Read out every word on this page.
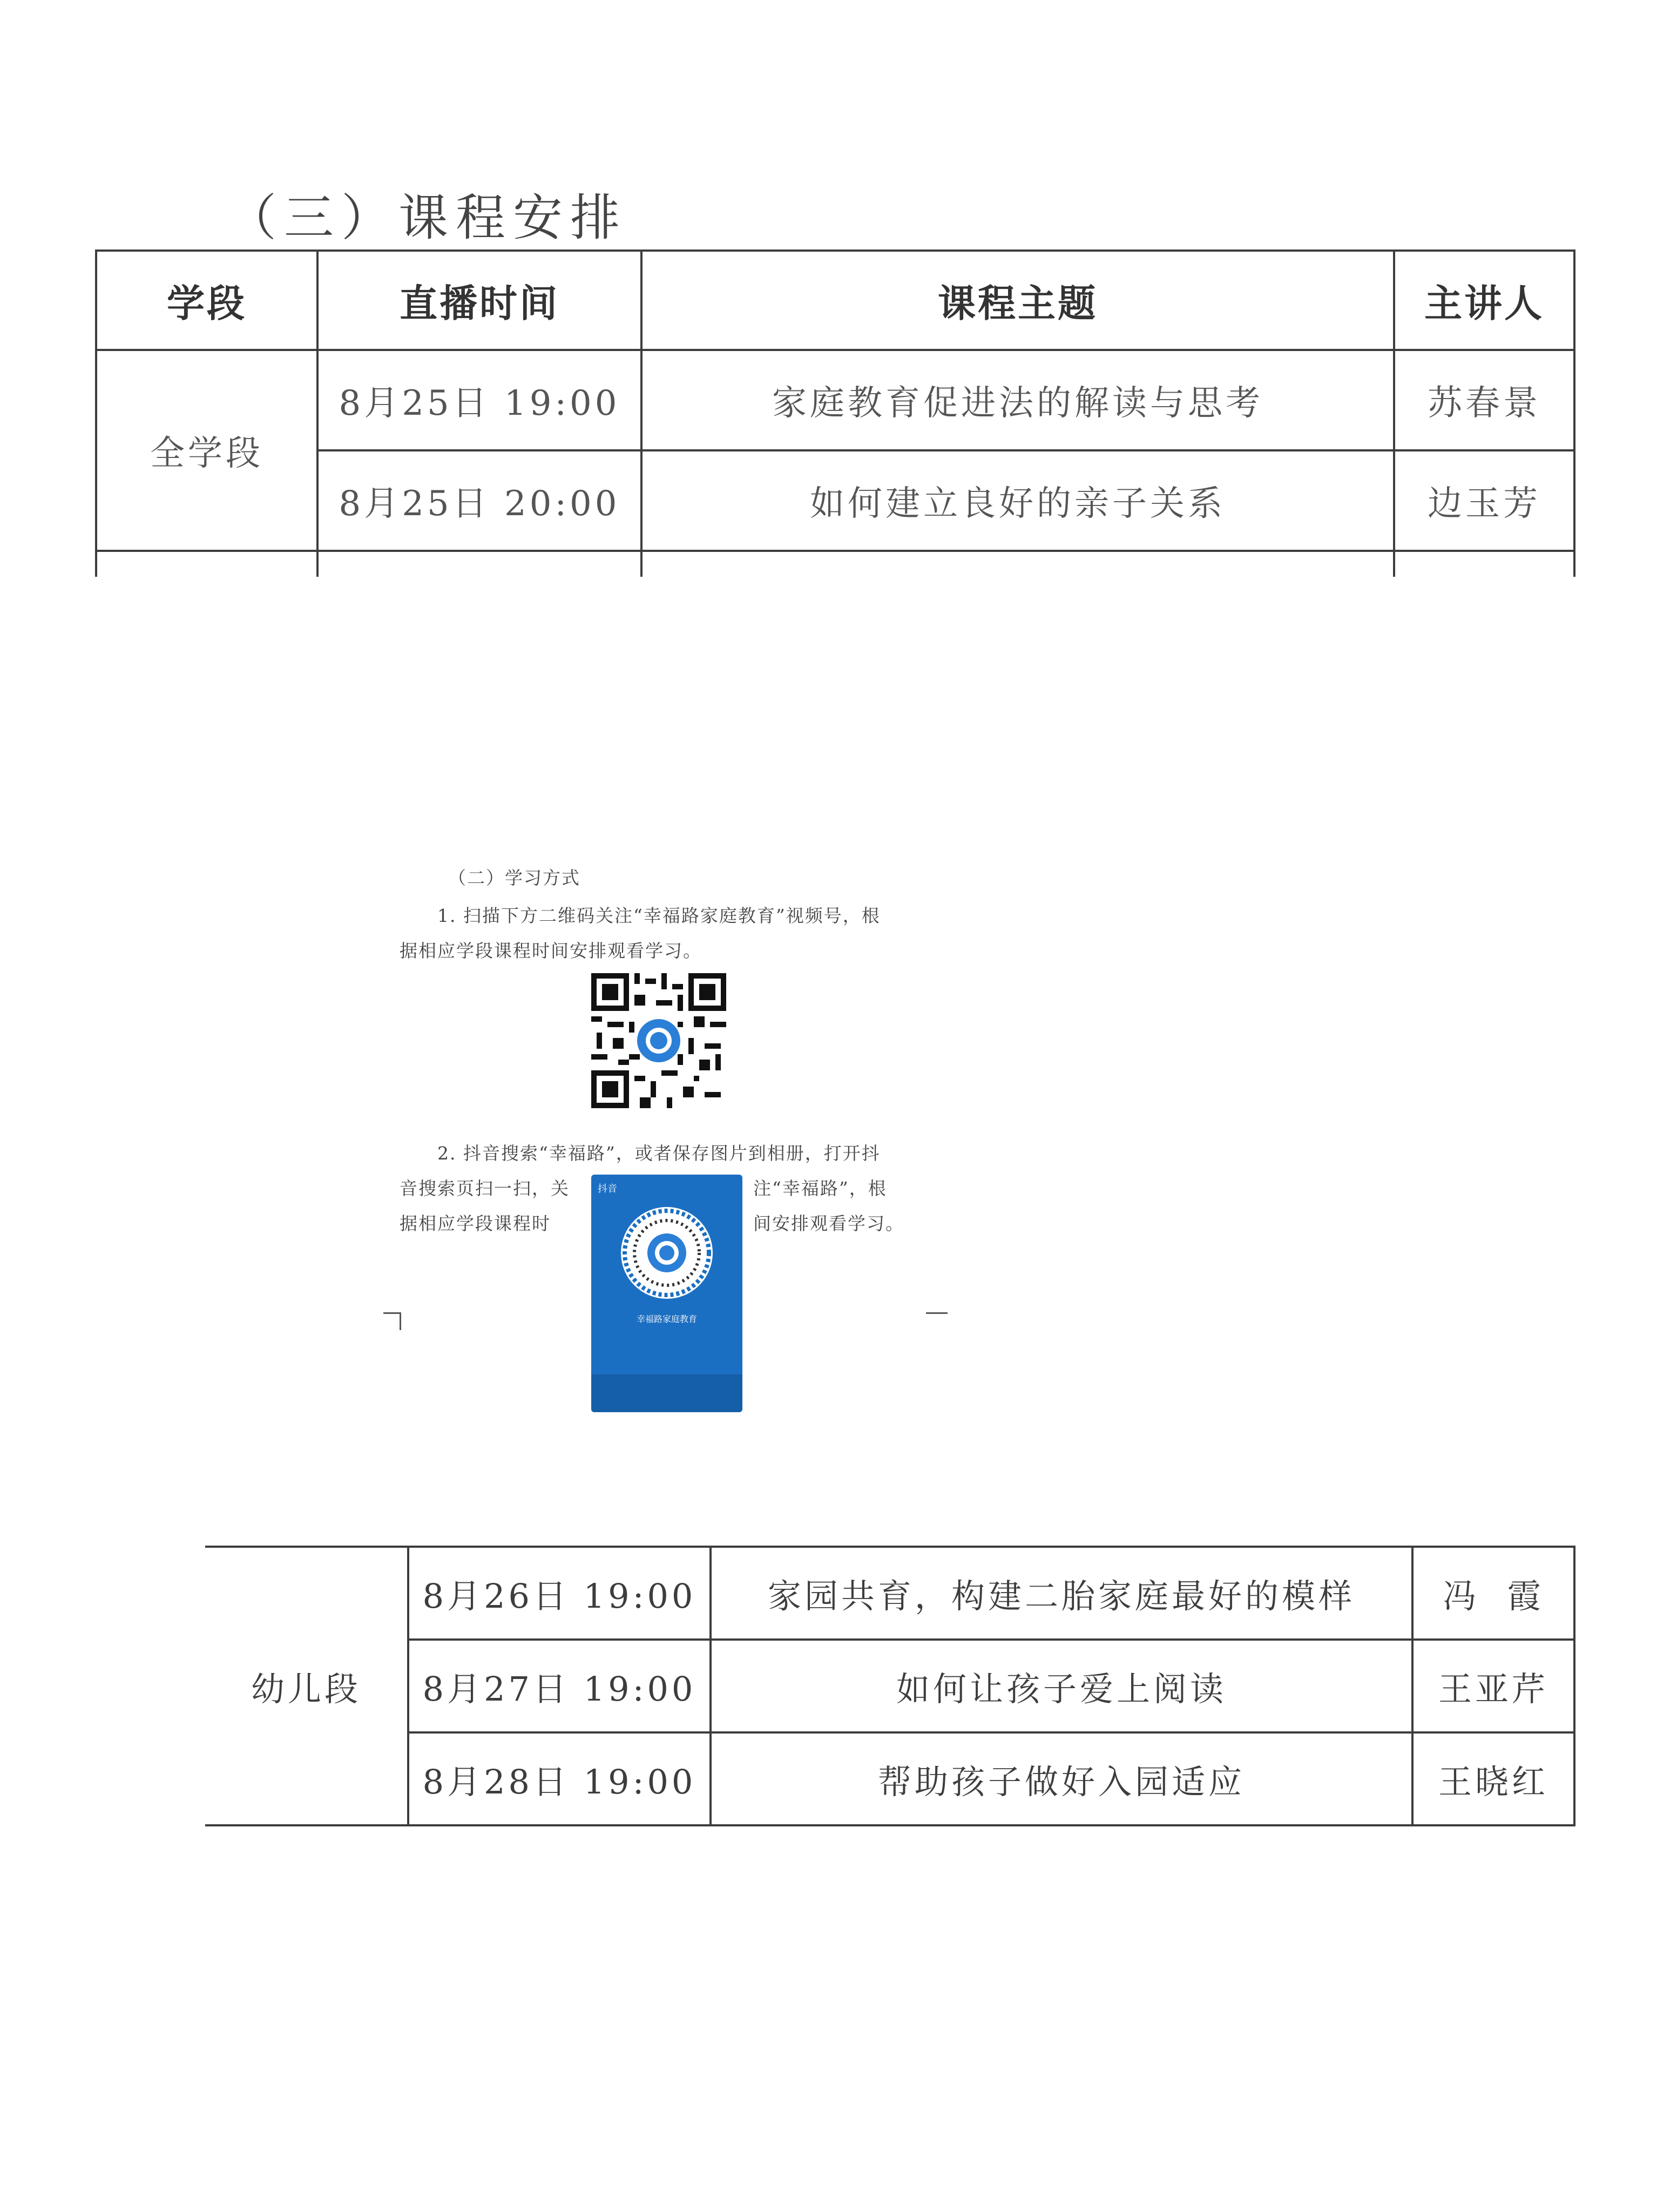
（三）课程安排
学段	直播时间	课程主题	主讲人
全学段	8月25日 19:00	家庭教育促进法的解读与思考	苏春景
	8月25日 20:00	如何建立良好的亲子关系	边玉芳

（二）学习方式

1. 扫描下方二维码关注“幸福路家庭教育”视频号，根

据相应学段课程时间安排观看学习。

2. 抖音搜索“幸福路”，或者保存图片到相册，打开抖

音搜索页扫一扫，关	注“幸福路”，根

据相应学段课程时	间安排观看学习。

抖音
幸福路家庭教育
幼儿段	8月26日 19:00	家园共育，构建二胎家庭最好的模样	冯  霞
	8月27日 19:00	如何让孩子爱上阅读	王亚芹
	8月28日 19:00	帮助孩子做好入园适应	王晓红
